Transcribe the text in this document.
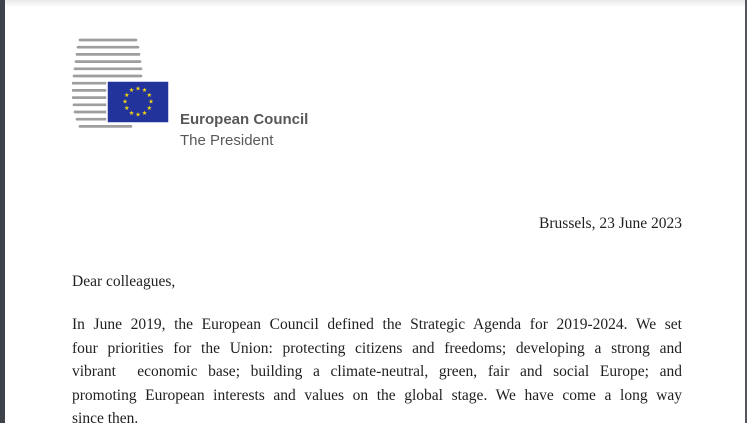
★ ★
★
★
★
★
★
★
★
★
★
★
European Council
The President
Brussels, 23 June 2023
Dear colleagues,
In June 2019, the European Council defined the Strategic Agenda for 2019-2024. We set
four priorities for the Union: protecting citizens and freedoms; developing a strong and
vibrant  economic base; building a climate-neutral, green, fair and social Europe; and
promoting European interests and values on the global stage. We have come a long way
since then.
